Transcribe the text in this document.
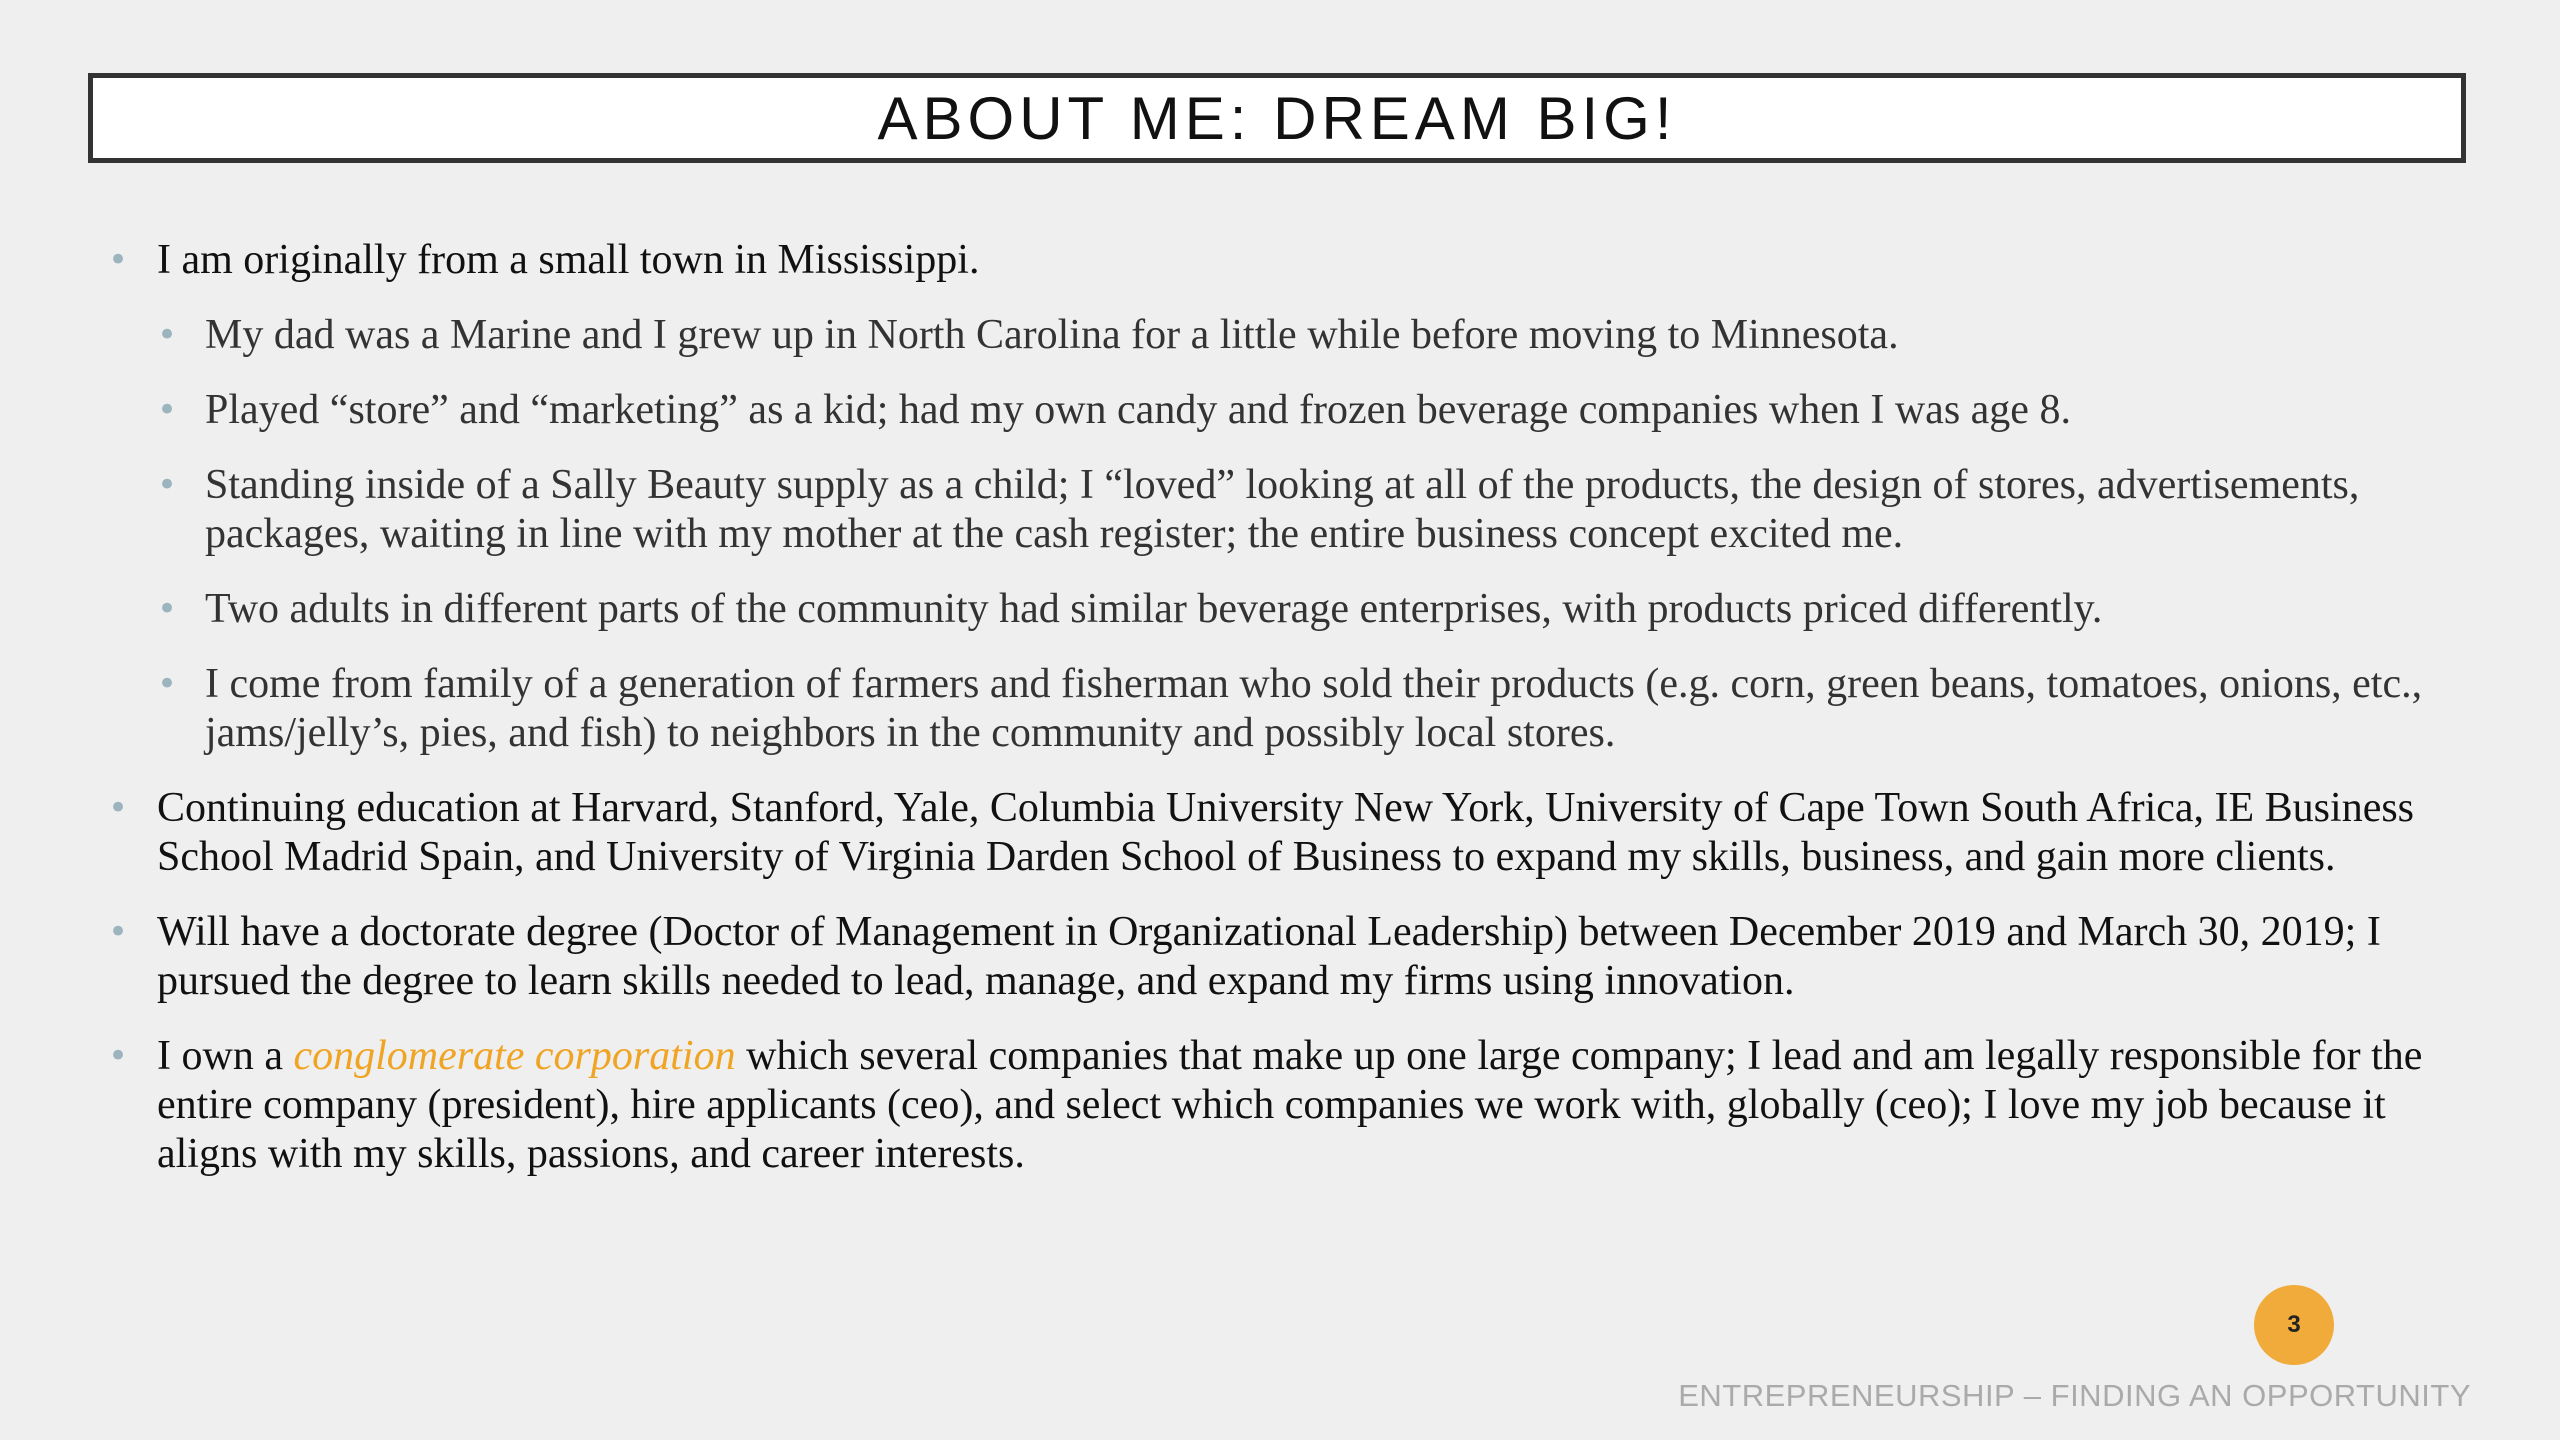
ABOUT ME: DREAM BIG!
• I am originally from a small town in Mississippi.
• My dad was a Marine and I grew up in North Carolina for a little while before moving to Minnesota.
• Played “store” and “marketing” as a kid; had my own candy and frozen beverage companies when I was age 8.
• Standing inside of a Sally Beauty supply as a child; I “loved” looking at all of the products, the design of stores, advertisements, packages, waiting in line with my mother at the cash register; the entire business concept excited me.
• Two adults in different parts of the community had similar beverage enterprises, with products priced differently.
• I come from family of a generation of farmers and fisherman who sold their products (e.g. corn, green beans, tomatoes, onions, etc., jams/jelly’s, pies, and fish) to neighbors in the community and possibly local stores.
• Continuing education at Harvard, Stanford, Yale, Columbia University New York, University of Cape Town South Africa, IE Business School Madrid Spain, and University of Virginia Darden School of Business to expand my skills, business, and gain more clients.
• Will have a doctorate degree (Doctor of Management in Organizational Leadership) between December 2019 and March 30, 2019; I pursued the degree to learn skills needed to lead, manage, and expand my firms using innovation.
• I own a conglomerate corporation which several companies that make up one large company; I lead and am legally responsible for the entire company (president), hire applicants (ceo), and select which companies we work with, globally (ceo); I love my job because it aligns with my skills, passions, and career interests.
3
ENTREPRENEURSHIP – FINDING AN OPPORTUNITY
